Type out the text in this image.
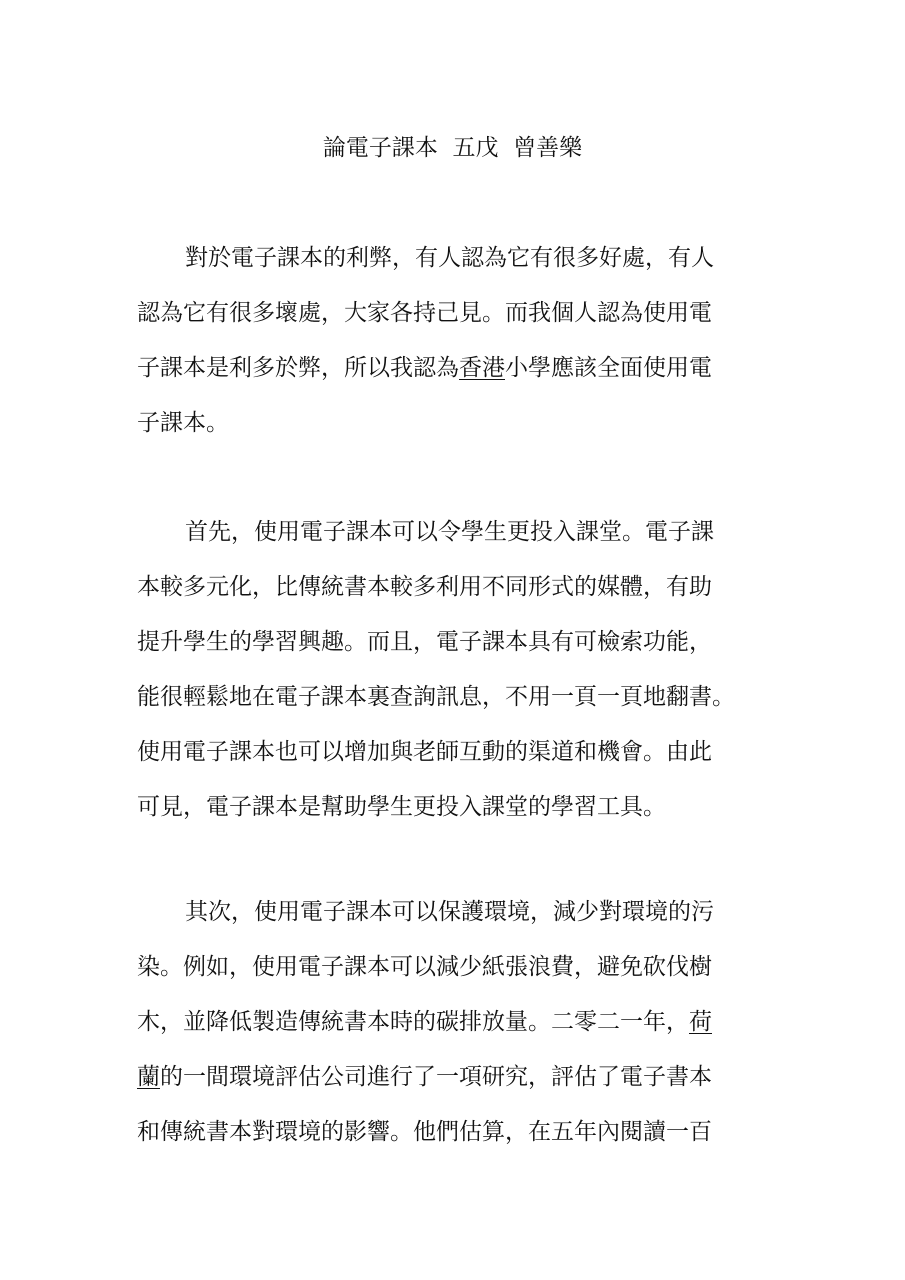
論電子課本  五戊  曾善樂
對於電子課本的利弊，有人認為它有很多好處，有人
認為它有很多壞處，大家各持己見。而我個人認為使用電
子課本是利多於弊，所以我認為香港小學應該全面使用電
子課本。
首先，使用電子課本可以令學生更投入課堂。電子課
本較多元化，比傳統書本較多利用不同形式的媒體，有助
提升學生的學習興趣。而且，電子課本具有可檢索功能，
能很輕鬆地在電子課本裏查詢訊息，不用一頁一頁地翻書。
使用電子課本也可以增加與老師互動的渠道和機會。由此
可見，電子課本是幫助學生更投入課堂的學習工具。
其次，使用電子課本可以保護環境，減少對環境的污
染。例如，使用電子課本可以減少紙張浪費，避免砍伐樹
木，並降低製造傳統書本時的碳排放量。二零二一年，荷
蘭的一間環境評估公司進行了一項研究，評估了電子書本
和傳統書本對環境的影響。他們估算，在五年內閱讀一百
